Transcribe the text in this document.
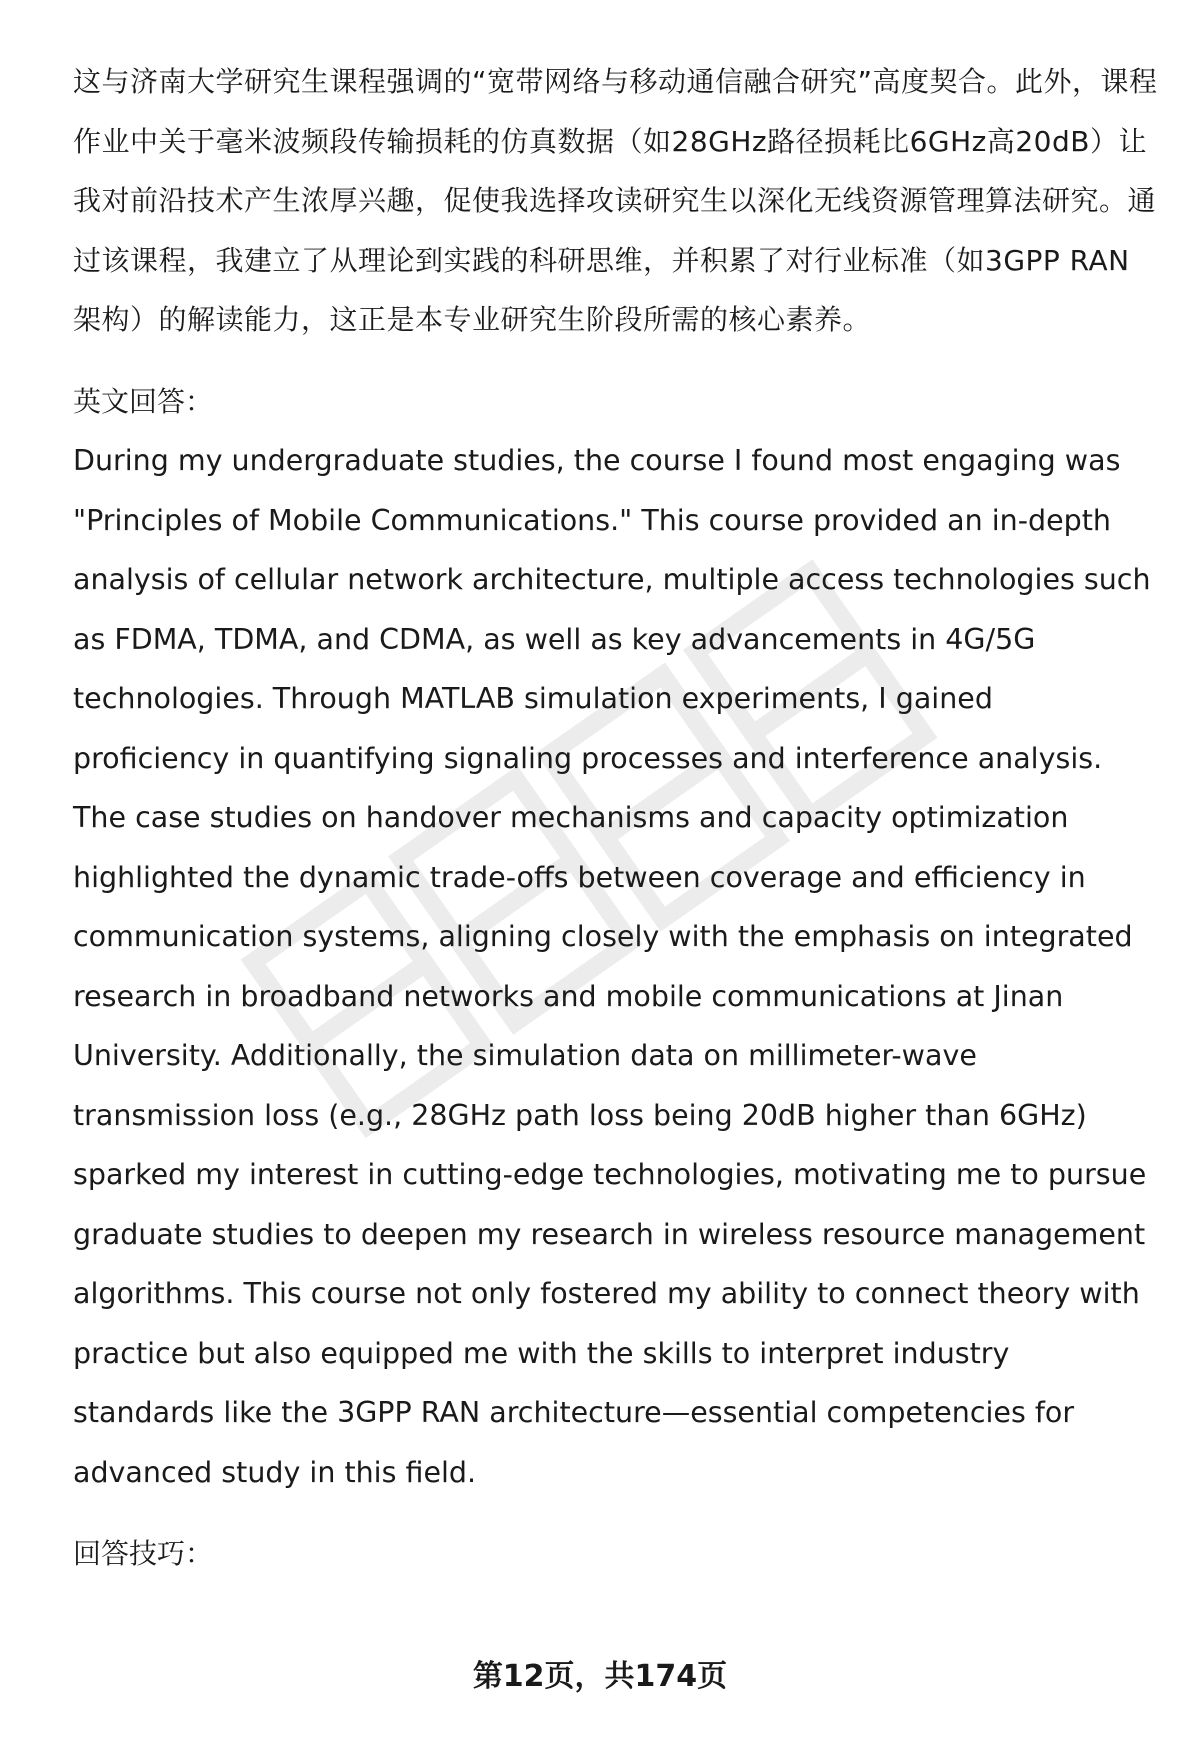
这与济南大学研究生课程强调的“宽带网络与移动通信融合研究”高度契合。此外，课程作业中关于毫米波频段传输损耗的仿真数据（如28GHz路径损耗比6GHz高20dB）让我对前沿技术产生浓厚兴趣，促使我选择攻读研究生以深化无线资源管理算法研究。通过该课程，我建立了从理论到实践的科研思维，并积累了对行业标准（如3GPP RAN架构）的解读能力，这正是本专业研究生阶段所需的核心素养。

英文回答：

During my undergraduate studies, the course I found most engaging was "Principles of Mobile Communications." This course provided an in-depth analysis of cellular network architecture, multiple access technologies such as FDMA, TDMA, and CDMA, as well as key advancements in 4G/5G technologies. Through MATLAB simulation experiments, I gained proficiency in quantifying signaling processes and interference analysis. The case studies on handover mechanisms and capacity optimization highlighted the dynamic trade-offs between coverage and efficiency in communication systems, aligning closely with the emphasis on integrated research in broadband networks and mobile communications at Jinan University. Additionally, the simulation data on millimeter-wave transmission loss (e.g., 28GHz path loss being 20dB higher than 6GHz) sparked my interest in cutting-edge technologies, motivating me to pursue graduate studies to deepen my research in wireless resource management algorithms. This course not only fostered my ability to connect theory with practice but also equipped me with the skills to interpret industry standards like the 3GPP RAN architecture—essential competencies for advanced study in this field.

回答技巧：

第12页，共174页
